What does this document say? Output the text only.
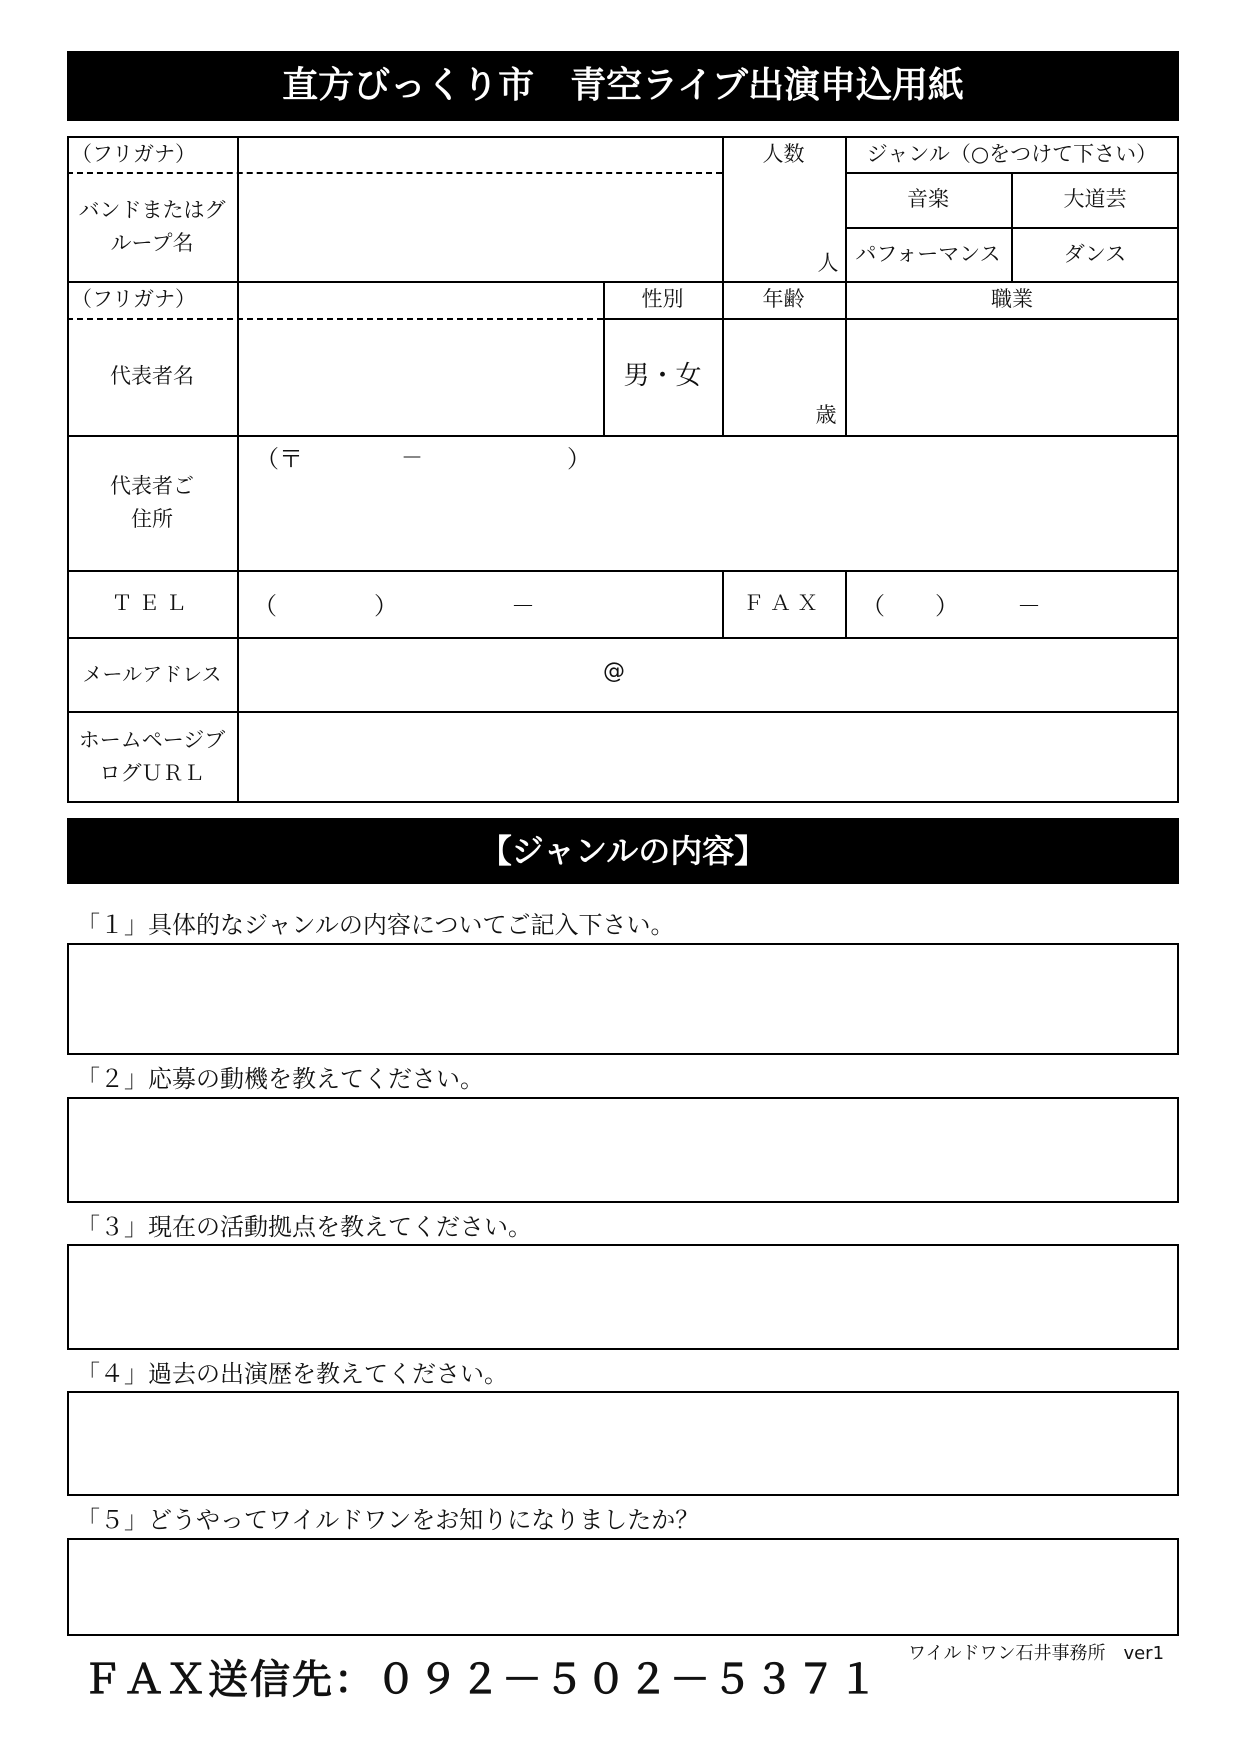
直方びっくり市　青空ライブ出演申込用紙
（フリガナ）	人数	ジャンル（○をつけて下さい）
バンドまたはグループ名
人
音楽	大道芸
パフォーマンス	ダンス
（フリガナ）	性別	年齢	職業
代表者名	男・女
歳
代表者ご住所
（〒	－	）
ＴＥＬ	（	）	－	ＦＡＸ	（ ） －
メールアドレス	@
ホームページブログＵＲＬ
【ジャンルの内容】
「１」具体的なジャンルの内容についてご記入下さい。
「２」応募の動機を教えてください。
「３」現在の活動拠点を教えてください。
「４」過去の出演歴を教えてください。
「５」どうやってワイルドワンをお知りになりましたか？
ＦＡＸ送信先：０９２－５０２－５３７１
ワイルドワン石井事務所　ver1
